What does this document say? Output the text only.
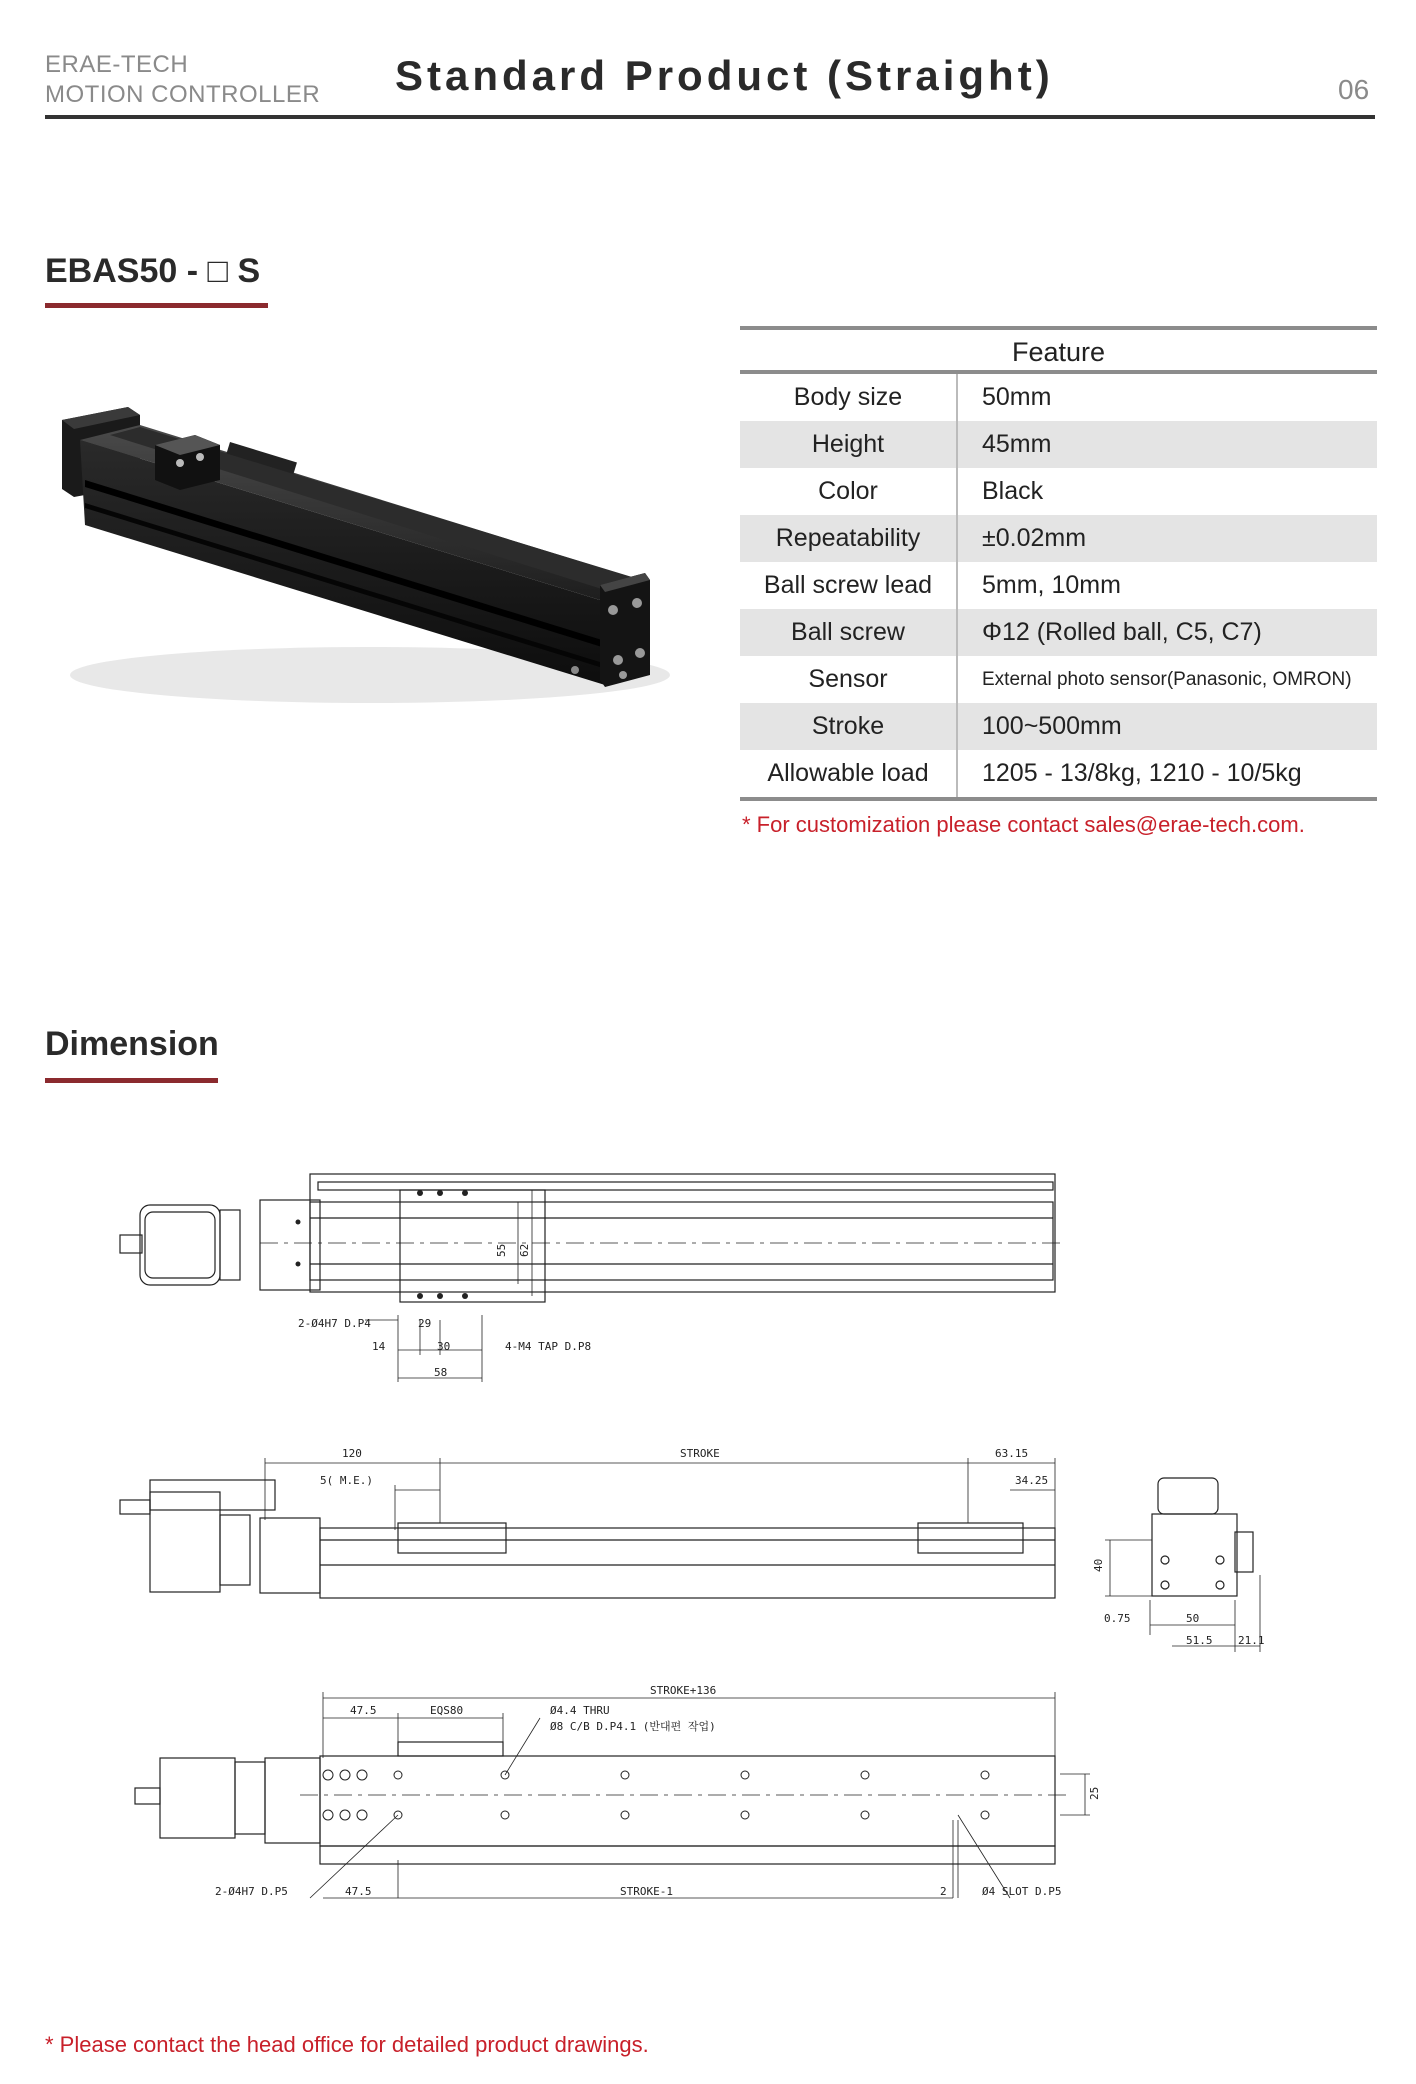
ERAE-TECH
MOTION CONTROLLER Standard Product (Straight)	06
EBAS50 - □ S
Feature
Body size	50mm
Height	45mm
Color	Black
Repeatability	±0.02mm
Ball screw lead	5mm, 10mm
Ball screw	Φ12 (Rolled ball, C5, C7)
Sensor	External photo sensor(Panasonic, OMRON)
Stroke	100~500mm
Allowable load	1205 - 13/8kg, 1210 - 10/5kg
* For customization please contact sales@erae-tech.com.
Dimension
55 62
2-Ø4H7 D.P4	29
14	30	4-M4 TAP D.P8
58
120	STROKE	63.15
5( M.E.)	34.25
40
0.75	50
51.5 21.1
STROKE+136
47.5	EQS80	Ø4.4 THRU
Ø8 C/B D.P4.1 (반대편 작업)
25
2-Ø4H7 D.P5	47.5	STROKE-1	2	Ø4 SLOT D.P5
* Please contact the head office for detailed product drawings.
